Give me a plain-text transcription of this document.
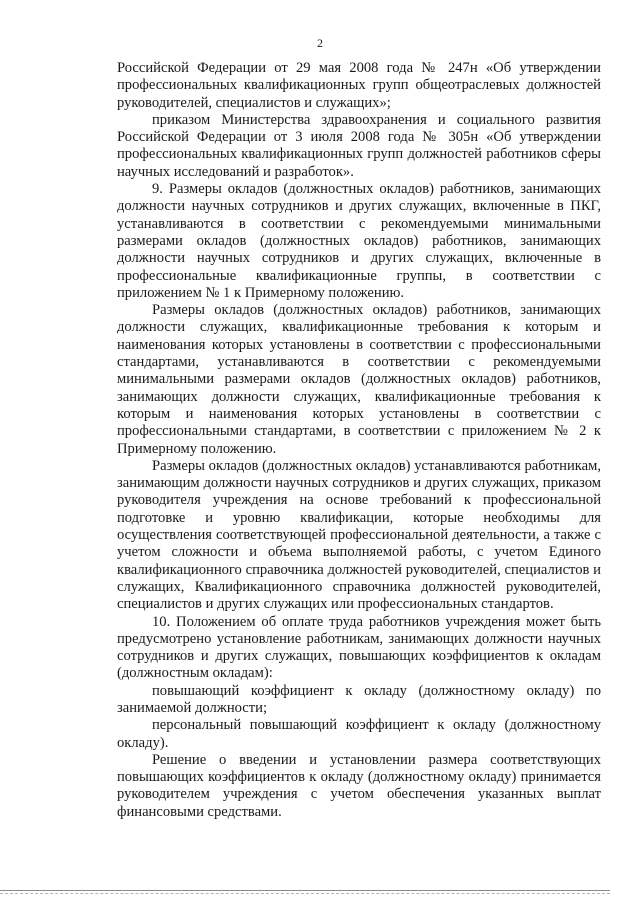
2

Российской Федерации от 29 мая 2008 года № 247н «Об утверждении профессиональных квалификационных групп общеотраслевых должностей руководителей, специалистов и служащих»;

приказом Министерства здравоохранения и социального развития Российской Федерации от 3 июля 2008 года № 305н «Об утверждении профессиональных квалификационных групп должностей работников сферы научных исследований и разработок».

9. Размеры окладов (должностных окладов) работников, занимающих должности научных сотрудников и других служащих, включенные в ПКГ, устанавливаются в соответствии с рекомендуемыми минимальными размерами окладов (должностных окладов) работников, занимающих должности научных сотрудников и других служащих, включенные в профессиональные квалификационные группы, в соответствии с приложением № 1 к Примерному положению.

Размеры окладов (должностных окладов) работников, занимающих должности служащих, квалификационные требования к которым и наименования которых установлены в соответствии с профессиональными стандартами, устанавливаются в соответствии с рекомендуемыми минимальными размерами окладов (должностных окладов) работников, занимающих должности служащих, квалификационные требования к которым и наименования которых установлены в соответствии с профессиональными стандартами, в соответствии с приложением № 2 к Примерному положению.

Размеры окладов (должностных окладов) устанавливаются работникам, занимающим должности научных сотрудников и других служащих, приказом руководителя учреждения на основе требований к профессиональной подготовке и уровню квалификации, которые необходимы для осуществления соответствующей профессиональной деятельности, а также с учетом сложности и объема выполняемой работы, с учетом Единого квалификационного справочника должностей руководителей, специалистов и служащих, Квалификационного справочника должностей руководителей, специалистов и других служащих или профессиональных стандартов.

10. Положением об оплате труда работников учреждения может быть предусмотрено установление работникам, занимающих должности научных сотрудников и других служащих, повышающих коэффициентов к окладам (должностным окладам):

повышающий коэффициент к окладу (должностному окладу) по занимаемой должности;

персональный повышающий коэффициент к окладу (должностному окладу).

Решение о введении и установлении размера соответствующих повышающих коэффициентов к окладу (должностному окладу) принимается руководителем учреждения с учетом обеспечения указанных выплат финансовыми средствами.
